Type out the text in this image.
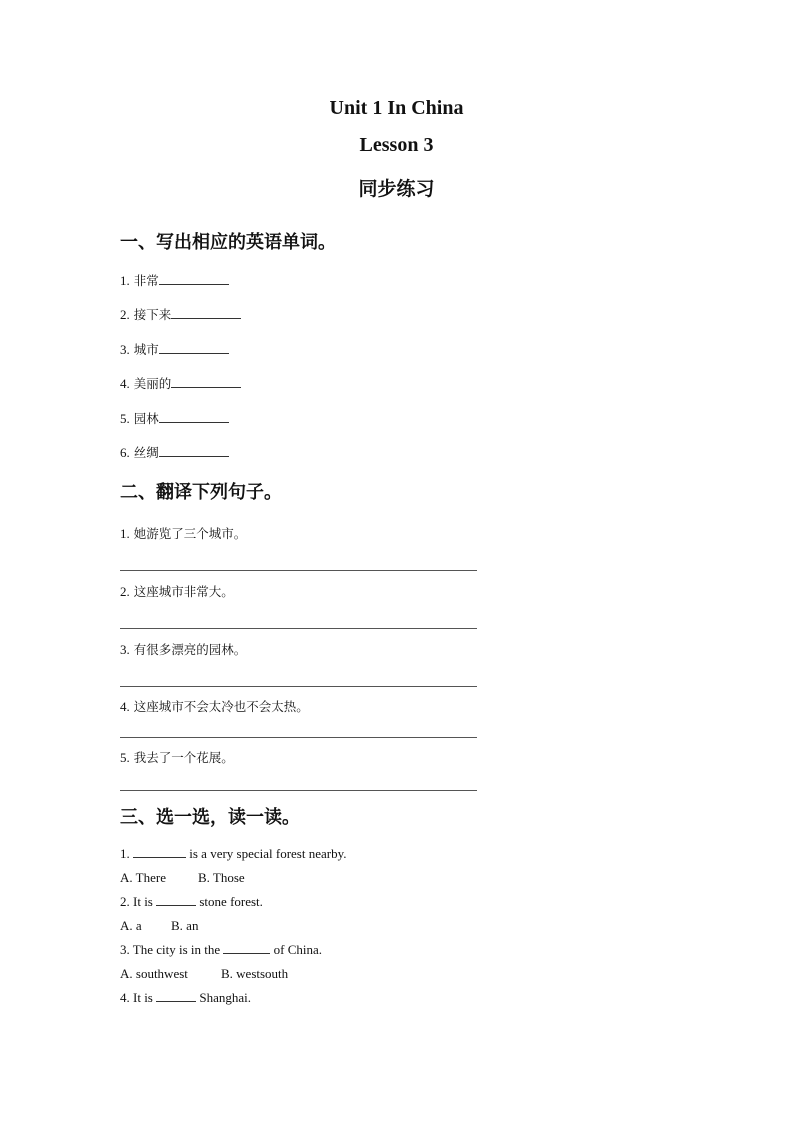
Unit 1 In China
Lesson 3
同步练习
一、写出相应的英语单词。
1. 非常
2. 接下来
3. 城市
4. 美丽的
5. 园林
6. 丝绸
二、翻译下列句子。
1. 她游览了三个城市。
2. 这座城市非常大。
3. 有很多漂亮的园林。
4. 这座城市不会太冷也不会太热。
5. 我去了一个花展。
三、选一选，读一读。
1.	is a very special forest nearby.
A. There B. Those
2. It is	stone forest.
A. a B. an
3. The city is in the	of China.
A. southwest	B. westsouth
4. It is	Shanghai.
